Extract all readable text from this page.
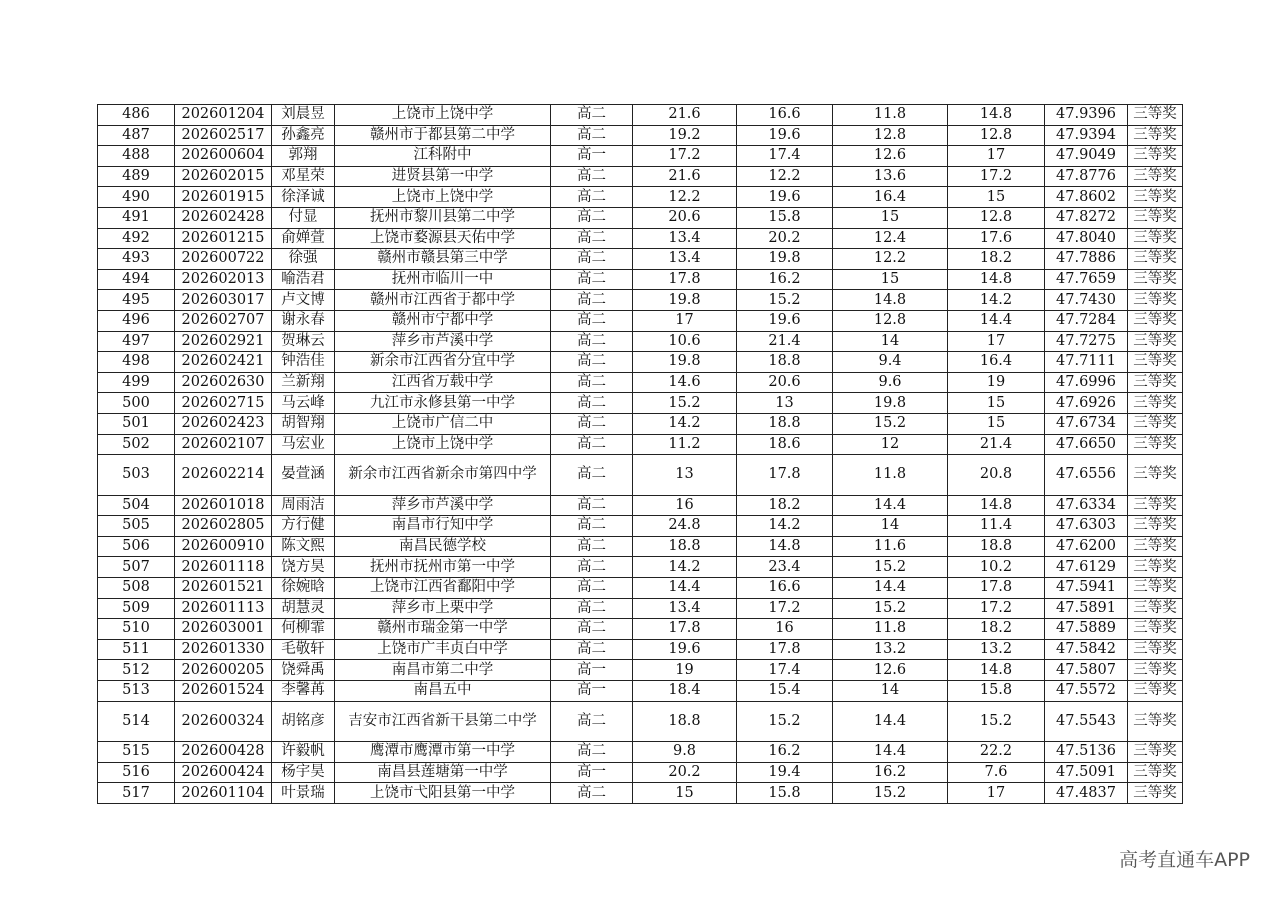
486	202601204	刘晨昱	上饶市上饶中学	高二	21.6	16.6	11.8	14.8	47.9396	三等奖
487	202602517	孙鑫亮	赣州市于都县第二中学	高二	19.2	19.6	12.8	12.8	47.9394	三等奖
488	202600604	郭翔	江科附中	高一	17.2	17.4	12.6	17	47.9049	三等奖
489	202602015	邓星荣	进贤县第一中学	高二	21.6	12.2	13.6	17.2	47.8776	三等奖
490	202601915	徐泽诚	上饶市上饶中学	高二	12.2	19.6	16.4	15	47.8602	三等奖
491	202602428	付显	抚州市黎川县第二中学	高二	20.6	15.8	15	12.8	47.8272	三等奖
492	202601215	俞婵萱	上饶市婺源县天佑中学	高二	13.4	20.2	12.4	17.6	47.8040	三等奖
493	202600722	徐强	赣州市赣县第三中学	高二	13.4	19.8	12.2	18.2	47.7886	三等奖
494	202602013	喻浩君	抚州市临川一中	高二	17.8	16.2	15	14.8	47.7659	三等奖
495	202603017	卢文博	赣州市江西省于都中学	高二	19.8	15.2	14.8	14.2	47.7430	三等奖
496	202602707	谢永春	赣州市宁都中学	高二	17	19.6	12.8	14.4	47.7284	三等奖
497	202602921	贺琳云	萍乡市芦溪中学	高二	10.6	21.4	14	17	47.7275	三等奖
498	202602421	钟浩佳	新余市江西省分宜中学	高二	19.8	18.8	9.4	16.4	47.7111	三等奖
499	202602630	兰新翔	江西省万载中学	高二	14.6	20.6	9.6	19	47.6996	三等奖
500	202602715	马云峰	九江市永修县第一中学	高二	15.2	13	19.8	15	47.6926	三等奖
501	202602423	胡智翔	上饶市广信二中	高二	14.2	18.8	15.2	15	47.6734	三等奖
502	202602107	马宏业	上饶市上饶中学	高二	11.2	18.6	12	21.4	47.6650	三等奖
503	202602214	晏萱涵	新余市江西省新余市第四中学	高二	13	17.8	11.8	20.8	47.6556	三等奖
504	202601018	周雨洁	萍乡市芦溪中学	高二	16	18.2	14.4	14.8	47.6334	三等奖
505	202602805	方行健	南昌市行知中学	高二	24.8	14.2	14	11.4	47.6303	三等奖
506	202600910	陈文熙	南昌民德学校	高二	18.8	14.8	11.6	18.8	47.6200	三等奖
507	202601118	饶方昊	抚州市抚州市第一中学	高二	14.2	23.4	15.2	10.2	47.6129	三等奖
508	202601521	徐婉晗	上饶市江西省鄱阳中学	高二	14.4	16.6	14.4	17.8	47.5941	三等奖
509	202601113	胡慧灵	萍乡市上栗中学	高二	13.4	17.2	15.2	17.2	47.5891	三等奖
510	202603001	何柳霏	赣州市瑞金第一中学	高二	17.8	16	11.8	18.2	47.5889	三等奖
511	202601330	毛敬轩	上饶市广丰贞白中学	高二	19.6	17.8	13.2	13.2	47.5842	三等奖
512	202600205	饶舜禹	南昌市第二中学	高一	19	17.4	12.6	14.8	47.5807	三等奖
513	202601524	李馨苒	南昌五中	高一	18.4	15.4	14	15.8	47.5572	三等奖
514	202600324	胡铭彦	吉安市江西省新干县第二中学	高二	18.8	15.2	14.4	15.2	47.5543	三等奖
515	202600428	许毅帆	鹰潭市鹰潭市第一中学	高二	9.8	16.2	14.4	22.2	47.5136	三等奖
516	202600424	杨宇昊	南昌县莲塘第一中学	高一	20.2	19.4	16.2	7.6	47.5091	三等奖
517	202601104	叶景瑞	上饶市弋阳县第一中学	高二	15	15.8	15.2	17	47.4837	三等奖
高考直通车APP
